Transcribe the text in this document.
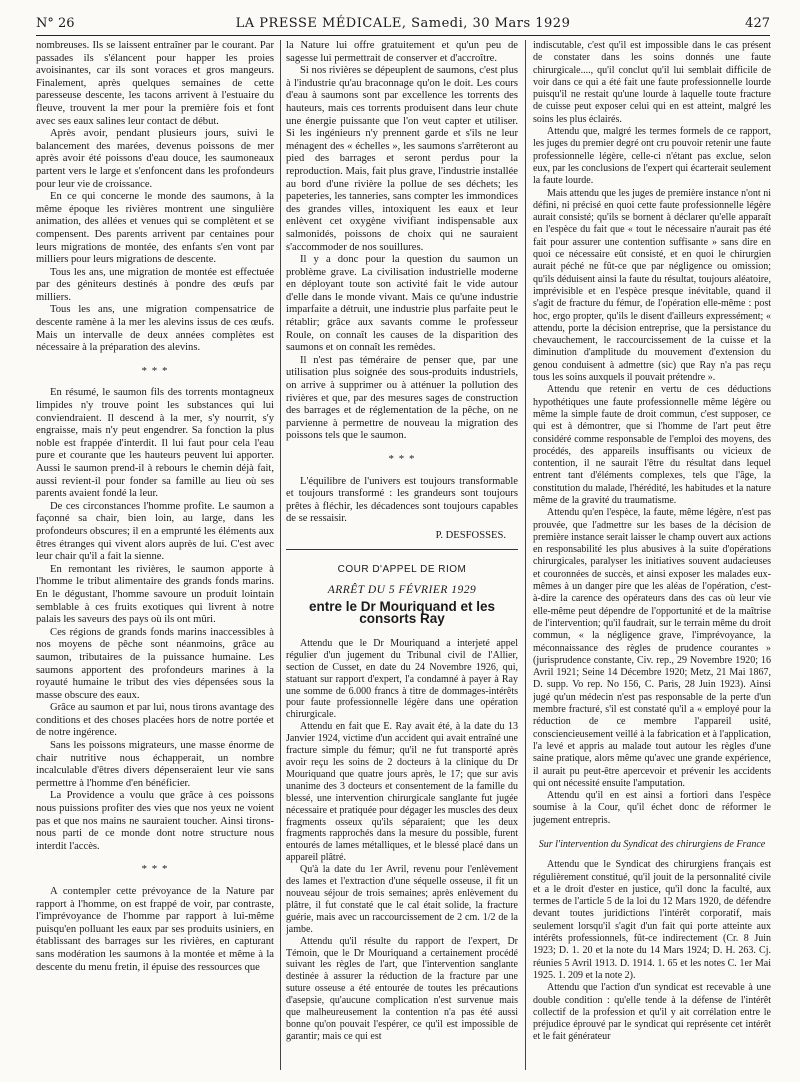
N° 26	LA PRESSE MÉDICALE, Samedi, 30 Mars 1929	427

nombreuses. Ils se laissent entraîner par le courant. Par passades ils s'élancent pour happer les proies avoisinantes, car ils sont voraces et gros mangeurs. Finalement, après quelques semaines de cette paresseuse descente, les tacons arrivent à l'estuaire du fleuve, trouvent la mer pour la première fois et font avec ses eaux salines leur contact de début.

Après avoir, pendant plusieurs jours, suivi le balancement des marées, devenus poissons de mer après avoir été poissons d'eau douce, les saumoneaux partent vers le large et s'enfoncent dans les profondeurs pour leur vie de croissance.

En ce qui concerne le monde des saumons, à la même époque les rivières montrent une singulière animation, des allées et venues qui se complètent et se compensent. Des parents arrivent par centaines pour leurs migrations de montée, des enfants s'en vont par milliers pour leurs migrations de descente.

Tous les ans, une migration de montée est effectuée par des géniteurs destinés à pondre des œufs par milliers.

Tous les ans, une migration compensatrice de descente ramène à la mer les alevins issus de ces œufs. Mais un intervalle de deux années complètes est nécessaire à la préparation des alevins.

* * *

En résumé, le saumon fils des torrents montagneux limpides n'y trouve point les substances qui lui conviendraient. Il descend à la mer, s'y nourrit, s'y engraisse, mais n'y peut engendrer. Sa fonction la plus noble est frappée d'interdit. Il lui faut pour cela l'eau pure et courante que les hauteurs peuvent lui apporter. Aussi le saumon prend-il à rebours le chemin déjà fait, aussi revient-il pour fonder sa famille au lieu où ses parents avaient fondé la leur.

De ces circonstances l'homme profite. Le saumon a façonné sa chair, bien loin, au large, dans les profondeurs obscures; il en a emprunté les éléments aux êtres étranges qui vivent alors auprès de lui. C'est avec leur chair qu'il a fait la sienne.

En remontant les rivières, le saumon apporte à l'homme le tribut alimentaire des grands fonds marins. En le dégustant, l'homme savoure un produit lointain semblable à ces fruits exotiques qui livrent à notre palais les saveurs des pays où ils ont mûri.

Ces régions de grands fonds marins inaccessibles à nos moyens de pêche sont néanmoins, grâce au saumon, tributaires de la puissance humaine. Les saumons apportent des profondeurs marines à la royauté humaine le tribut des vies dépensées sous la masse obscure des eaux.

Grâce au saumon et par lui, nous tirons avantage des conditions et des choses placées hors de notre portée et de notre ingérence.

Sans les poissons migrateurs, une masse énorme de chair nutritive nous échapperait, un nombre incalculable d'êtres divers dépenseraient leur vie sans permettre à l'homme d'en bénéficier.

La Providence a voulu que grâce à ces poissons nous puissions profiter des vies que nos yeux ne voient pas et que nos mains ne sauraient toucher. Ainsi tirons-nous parti de ce monde dont notre structure nous interdit l'accès.

* * *

A contempler cette prévoyance de la Nature par rapport à l'homme, on est frappé de voir, par contraste, l'imprévoyance de l'homme par rapport à lui-même puisqu'en polluant les eaux par ses produits usiniers, en établissant des barrages sur les rivières, en capturant sans modération les saumons à la montée et même à la descente du menu fretin, il épuise des ressources que

la Nature lui offre gratuitement et qu'un peu de sagesse lui permettrait de conserver et d'accroître.

Si nos rivières se dépeuplent de saumons, c'est plus à l'industrie qu'au braconnage qu'on le doit. Les cours d'eau à saumons sont par excellence les torrents des hauteurs, mais ces torrents produisent dans leur chute une énergie puissante que l'on veut capter et utiliser. Si les ingénieurs n'y prennent garde et s'ils ne leur ménagent des « échelles », les saumons s'arrêteront au pied des barrages et seront perdus pour la reproduction. Mais, fait plus grave, l'industrie installée au bord d'une rivière la pollue de ses déchets; les papeteries, les tanneries, sans compter les immondices des grandes villes, intoxiquent les eaux et leur enlèvent cet oxygène vivifiant indispensable aux salmonidés, poissons de choix qui ne sauraient s'accommoder de nos souillures.

Il y a donc pour la question du saumon un problème grave. La civilisation industrielle moderne en déployant toute son activité fait le vide autour d'elle dans le monde vivant. Mais ce qu'une industrie imparfaite a détruit, une industrie plus parfaite peut le rétablir; grâce aux savants comme le professeur Roule, on connaît les causes de la disparition des saumons et on connaît les remèdes.

Il n'est pas téméraire de penser que, par une utilisation plus soignée des sous-produits industriels, on arrive à supprimer ou à atténuer la pollution des rivières et que, par des mesures sages de construction des barrages et de réglementation de la pêche, on ne parvienne à permettre de nouveau la migration des poissons tels que le saumon.

* * *

L'équilibre de l'univers est toujours transformable et toujours transformé : les grandeurs sont toujours prêtes à fléchir, les décadences sont toujours capables de se ressaisir.

P. DESFOSSES.
COUR D'APPEL DE RIOM
ARRÊT DU 5 FÉVRIER 1929
entre le Dr Mouriquand et les consorts Ray

Attendu que le Dr Mouriquand a interjeté appel régulier d'un jugement du Tribunal civil de l'Allier, section de Cusset, en date du 24 Novembre 1926, qui, statuant sur rapport d'expert, l'a condamné à payer à Ray une somme de 6.000 francs à titre de dommages-intérêts pour faute professionnelle légère dans une opération chirurgicale.

Attendu en fait que E. Ray avait été, à la date du 13 Janvier 1924, victime d'un accident qui avait entraîné une fracture simple du fémur; qu'il ne fut transporté après avoir reçu les soins de 2 docteurs à la clinique du Dr Mouriquand que quatre jours après, le 17; que sur avis unanime des 3 docteurs et consentement de la famille du blessé, une intervention chirurgicale sanglante fut jugée nécessaire et pratiquée pour dégager les muscles des deux fragments osseux qu'ils séparaient; que les deux fragments rapprochés dans la mesure du possible, furent entourés de lames métalliques, et le blessé placé dans un appareil plâtré.

Qu'à la date du 1er Avril, revenu pour l'enlèvement des lames et l'extraction d'une séquelle osseuse, il fit un nouveau séjour de trois semaines; après enlèvement du plâtre, il fut constaté que le cal était solide, la fracture guérie, mais avec un raccourcissement de 2 cm. 1/2 de la jambe.

Attendu qu'il résulte du rapport de l'expert, Dr Témoin, que le Dr Mouriquand a certainement procédé suivant les règles de l'art, que l'intervention sanglante destinée à assurer la réduction de la fracture par une suture osseuse a été entourée de toutes les précautions d'asepsie, qu'aucune complication n'est survenue mais que malheureusement la contention n'a pas été aussi bonne qu'on pouvait l'espérer, ce qu'il est impossible de garantir; mais ce qui est

indiscutable, c'est qu'il est impossible dans le cas présent de constater dans les soins donnés une faute chirurgicale...., qu'il conclut qu'il lui semblait difficile de voir dans ce qui a été fait une faute professionnelle lourde puisqu'il ne restait qu'une lourde à laquelle toute fracture de cuisse peut exposer celui qui en est atteint, malgré les soins les plus éclairés.

Attendu que, malgré les termes formels de ce rapport, les juges du premier degré ont cru pouvoir retenir une faute professionnelle légère, celle-ci n'étant pas exclue, selon eux, par les conclusions de l'expert qui écarterait seulement la faute lourde.

Mais attendu que les juges de première instance n'ont ni défini, ni précisé en quoi cette faute professionnelle légère aurait consisté; qu'ils se bornent à déclarer qu'elle apparaît en l'espèce du fait que « tout le nécessaire n'aurait pas été fait pour assurer une contention suffisante » sans dire en quoi ce nécessaire eût consisté, et en quoi le chirurgien aurait péché ne fût-ce que par négligence ou omission; qu'ils déduisent ainsi la faute du résultat, toujours aléatoire, imprévisible et en l'espèce presque inévitable, quand il s'agit de fracture du fémur, de l'opération elle-même : post hoc, ergo propter, qu'ils le disent d'ailleurs expressément; « attendu, porte la décision entreprise, que la persistance du chevauchement, le raccourcissement de la cuisse et la diminution d'amplitude du mouvement d'extension du genou conduisent à admettre (sic) que Ray n'a pas reçu tous les soins auxquels il pouvait prétendre ».

Attendu que retenir en vertu de ces déductions hypothétiques une faute professionnelle même légère ou même la simple faute de droit commun, c'est supposer, ce qui est à démontrer, que si l'homme de l'art peut être considéré comme responsable de l'emploi des moyens, des procédés, des appareils insuffisants ou vicieux de contention, il ne saurait l'être du résultat dans lequel entrent tant d'éléments complexes, tels que l'âge, la constitution du malade, l'hérédité, les habitudes et la nature même de la gravité du traumatisme.

Attendu qu'en l'espèce, la faute, même légère, n'est pas prouvée, que l'admettre sur les bases de la décision de première instance serait laisser le champ ouvert aux actions en responsabilité les plus abusives à la suite d'opérations chirurgicales, paralyser les initiatives souvent audacieuses et couronnées de succès, et ainsi exposer les malades eux-mêmes à un danger pire que les aléas de l'opération, c'est-à-dire la carence des opérateurs dans des cas où leur vie elle-même peut dépendre de l'opportunité et de la maîtrise de l'intervention; qu'il faudrait, sur le terrain même du droit commun, « la négligence grave, l'imprévoyance, la méconnaissance des règles de prudence courantes » (jurisprudence constante, Civ. rep., 29 Novembre 1920; 16 Avril 1921; Seine 14 Décembre 1920; Metz, 21 Mai 1867, D. supp. Vo rep. No 156, C. Paris, 28 Juin 1923). Ainsi jugé qu'un médecin n'est pas responsable de la perte d'un membre fracturé, s'il est constaté qu'il a « employé pour la réduction de ce membre l'appareil usité, consciencieusement veillé à la fabrication et à l'application, l'a levé et appris au malade tout autour les règles d'une saine pratique, alors même qu'avec une grande expérience, il aurait pu peut-être apercevoir et prévenir les accidents qui ont nécessité ensuite l'amputation.

Attendu qu'il en est ainsi a fortiori dans l'espèce soumise à la Cour, qu'il échet donc de réformer le jugement entrepris.

Sur l'intervention du Syndicat des chirurgiens de France

Attendu que le Syndicat des chirurgiens français est régulièrement constitué, qu'il jouit de la personnalité civile et a le droit d'ester en justice, qu'il donc la faculté, aux termes de l'article 5 de la loi du 12 Mars 1920, de défendre devant toutes juridictions l'intérêt corporatif, mais seulement lorsqu'il s'agit d'un fait qui porte atteinte aux intérêts professionnels, fût-ce indirectement (Cr. 8 Juin 1923; D. 1. 20 et la note du 14 Mars 1924; D. H. 263. Cj. réunies 5 Avril 1913. D. 1914. 1. 65 et les notes C. 1er Mai 1925. 1. 209 et la note 2).

Attendu que l'action d'un syndicat est recevable à une double condition : qu'elle tende à la défense de l'intérêt collectif de la profession et qu'il y ait corrélation entre le préjudice éprouvé par le syndicat qui représente cet intérêt et le fait générateur
